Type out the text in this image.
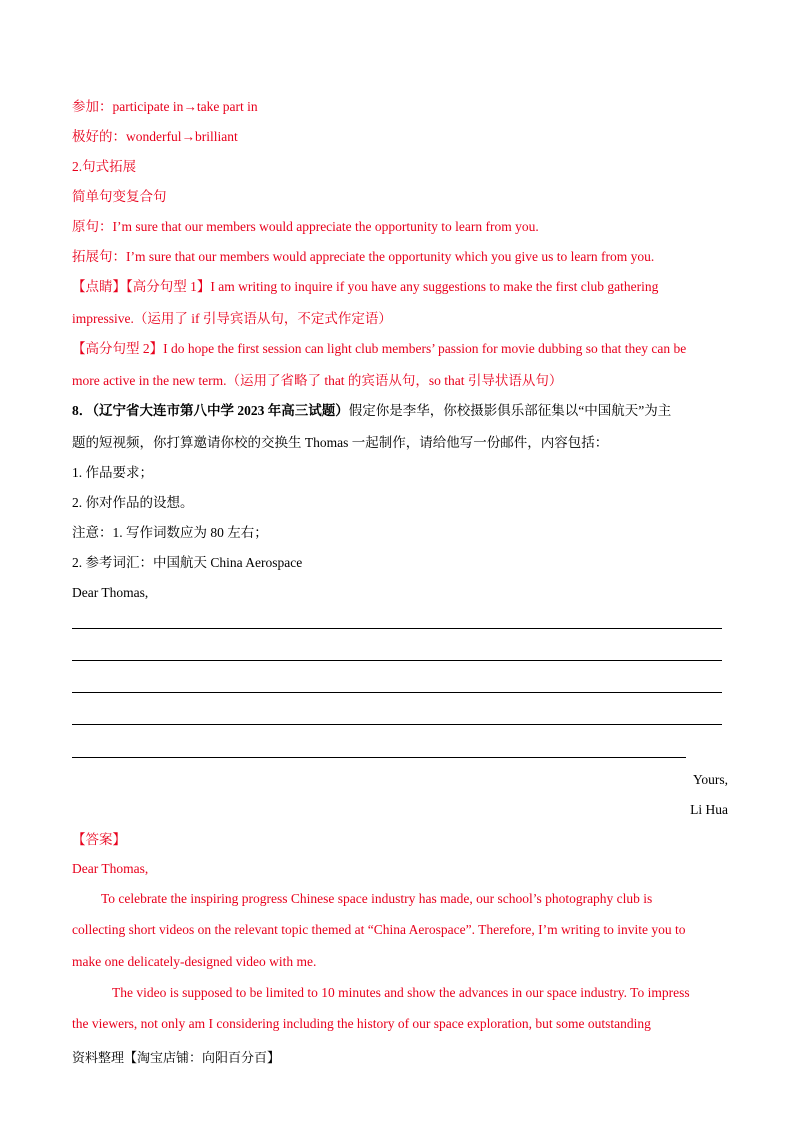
参加：participate in→take part in
极好的：wonderful→brilliant
2.句式拓展
简单句变复合句
原句：I’m sure that our members would appreciate the opportunity to learn from you.
拓展句：I’m sure that our members would appreciate the opportunity which you give us to learn from you.
【点睛】【高分句型 1】I am writing to inquire if you have any suggestions to make the first club gathering
impressive.（运用了 if 引导宾语从句，不定式作定语）
【高分句型 2】I do hope the first session can light club members’ passion for movie dubbing so that they can be
more active in the new term.（运用了省略了 that 的宾语从句，so that 引导状语从句）
8．（辽宁省大连市第八中学 2023 年高三试题）假定你是李华，你校摄影俱乐部征集以“中国航天”为主
题的短视频，你打算邀请你校的交换生 Thomas 一起制作，请给他写一份邮件，内容包括：
1. 作品要求；
2. 你对作品的设想。
注意：1. 写作词数应为 80 左右；
2. 参考词汇：中国航天 China Aerospace
Dear Thomas,
Yours,
Li Hua
【答案】
Dear Thomas,
To celebrate the inspiring progress Chinese space industry has made, our school’s photography club is
collecting short videos on the relevant topic themed at “China Aerospace”. Therefore, I’m writing to invite you to
make one delicately-designed video with me.
The video is supposed to be limited to 10 minutes and show the advances in our space industry. To impress
the viewers, not only am I considering including the history of our space exploration, but some outstanding
资料整理【淘宝店铺：向阳百分百】
